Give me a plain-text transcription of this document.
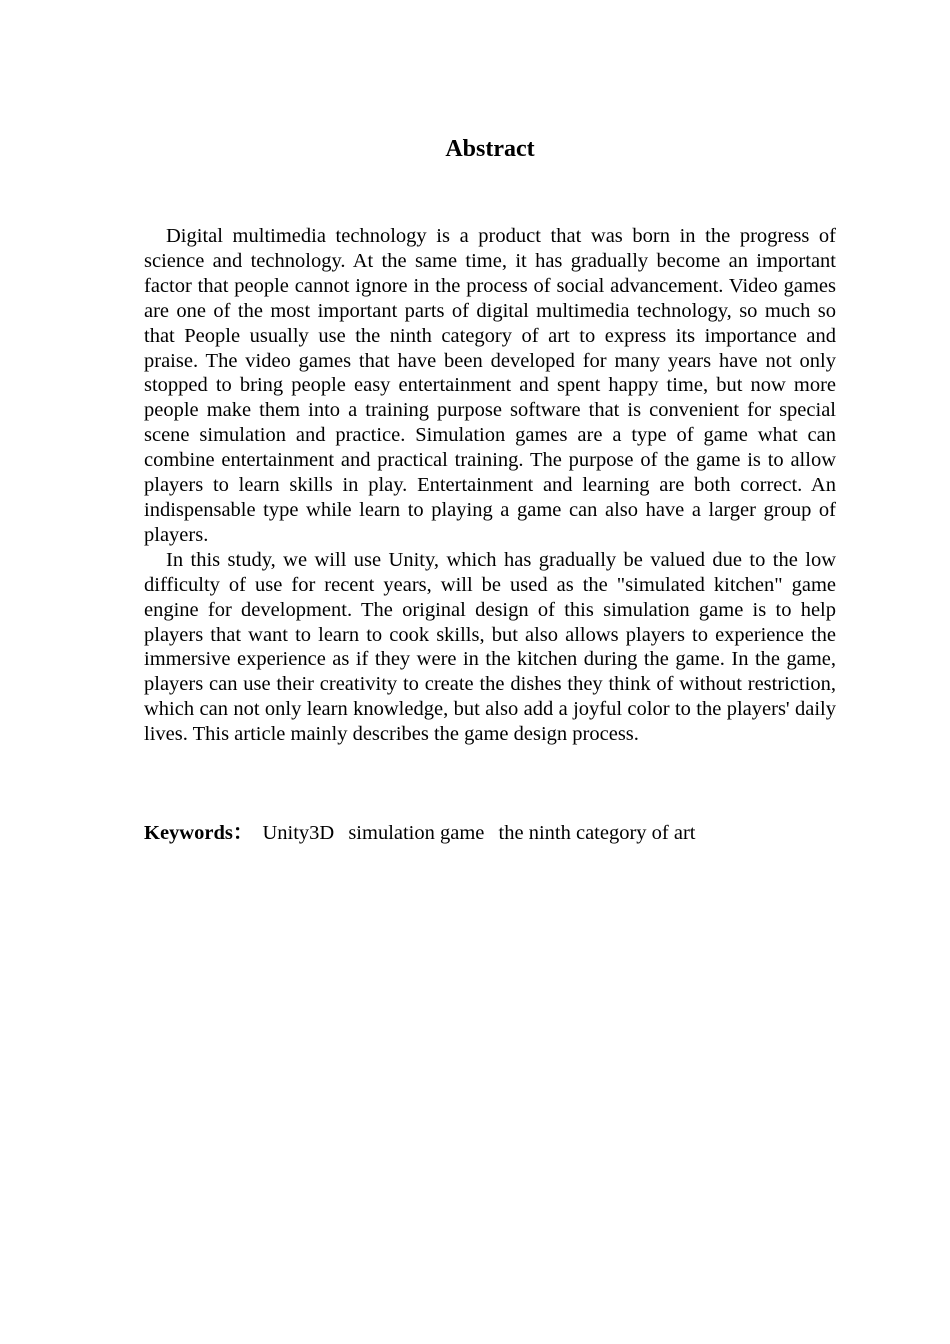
Abstract

Digital multimedia technology is a product that was born in the progress of science and technology. At the same time, it has gradually become an important factor that people cannot ignore in the process of social advancement. Video games are one of the most important parts of digital multimedia technology, so much so that People usually use the ninth category of art to express its importance and praise. The video games that have been developed for many years have not only stopped to bring people easy entertainment and spent happy time, but now more people make them into a training purpose software that is convenient for special scene simulation and practice. Simulation games are a type of game what can combine entertainment and practical training. The purpose of the game is to allow players to learn skills in play. Entertainment and learning are both correct. An indispensable type while learn to playing a game can also have a larger group of players.

In this study, we will use Unity, which has gradually be valued due to the low difficulty of use for recent years, will be used as the "simulated kitchen" game engine for development. The original design of this simulation game is to help players that want to learn to cook skills, but also allows players to experience the immersive experience as if they were in the kitchen during the game. In the game, players can use their creativity to create the dishes they think of without restriction, which can not only learn knowledge, but also add a joyful color to the players' daily lives. This article mainly describes the game design process.

Keywords： Unity3D simulation game the ninth category of art
